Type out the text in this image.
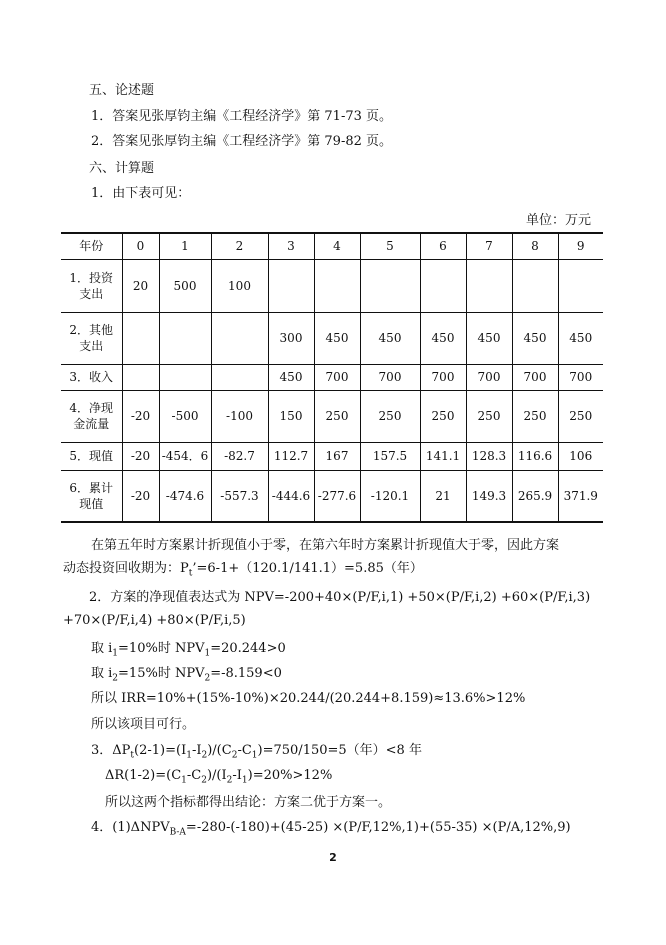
五、论述题
1．答案见张厚钧主编《工程经济学》第 71-73 页。
2．答案见张厚钧主编《工程经济学》第 79-82 页。
六、计算题
1．由下表可见：
单位：万元
年份	0	1	2	3	4	5	6	7	8	9
1．投资
支出	20	500	100							
2．其他
支出				300	450	450	450	450	450	450
3．收入				450	700	700	700	700	700	700
4．净现
金流量	-20	-500	-100	150	250	250	250	250	250	250
5．现值	-20	-454．6	-82.7	112.7	167	157.5	141.1	128.3	116.6	106
6．累计
现值	-20	-474.6	-557.3	-444.6	-277.6	-120.1	21	149.3	265.9	371.9
在第五年时方案累计折现值小于零，在第六年时方案累计折现值大于零，因此方案
动态投资回收期为：$P_t’=6-1+(120.1/141.1)=5.85$（年）
2．方案的净现值表达式为 NPV=-200+40×(P/F,i,1) +50×(P/F,i,2) +60×(P/F,i,3)
+70×(P/F,i,4) +80×(P/F,i,5)
取 $i_1=10\%$时 $NPV_1=20.244>0$
取 $i_2=15\%$时 $NPV_2=-8.159<0$
所以 IRR=10%+(15%-10%)×20.244/(20.244+8.159)≈13.6%>12%
所以该项目可行。
3．$\Delta P_t(2-1)=(I_1-I_2)/(C_2-C_1)=750/150=5$（年）<8 年
$\Delta R(1-2)=(C_1-C_2)/(I_2-I_1)=20\%>12\%$
所以这两个指标都得出结论：方案二优于方案一。
4．$(1)\Delta NPV_{B-A}=-280-(-180)+(45-25) \times(P/F,12\%,1)+(55-35) \times(P/A,12\%,9)$
2
